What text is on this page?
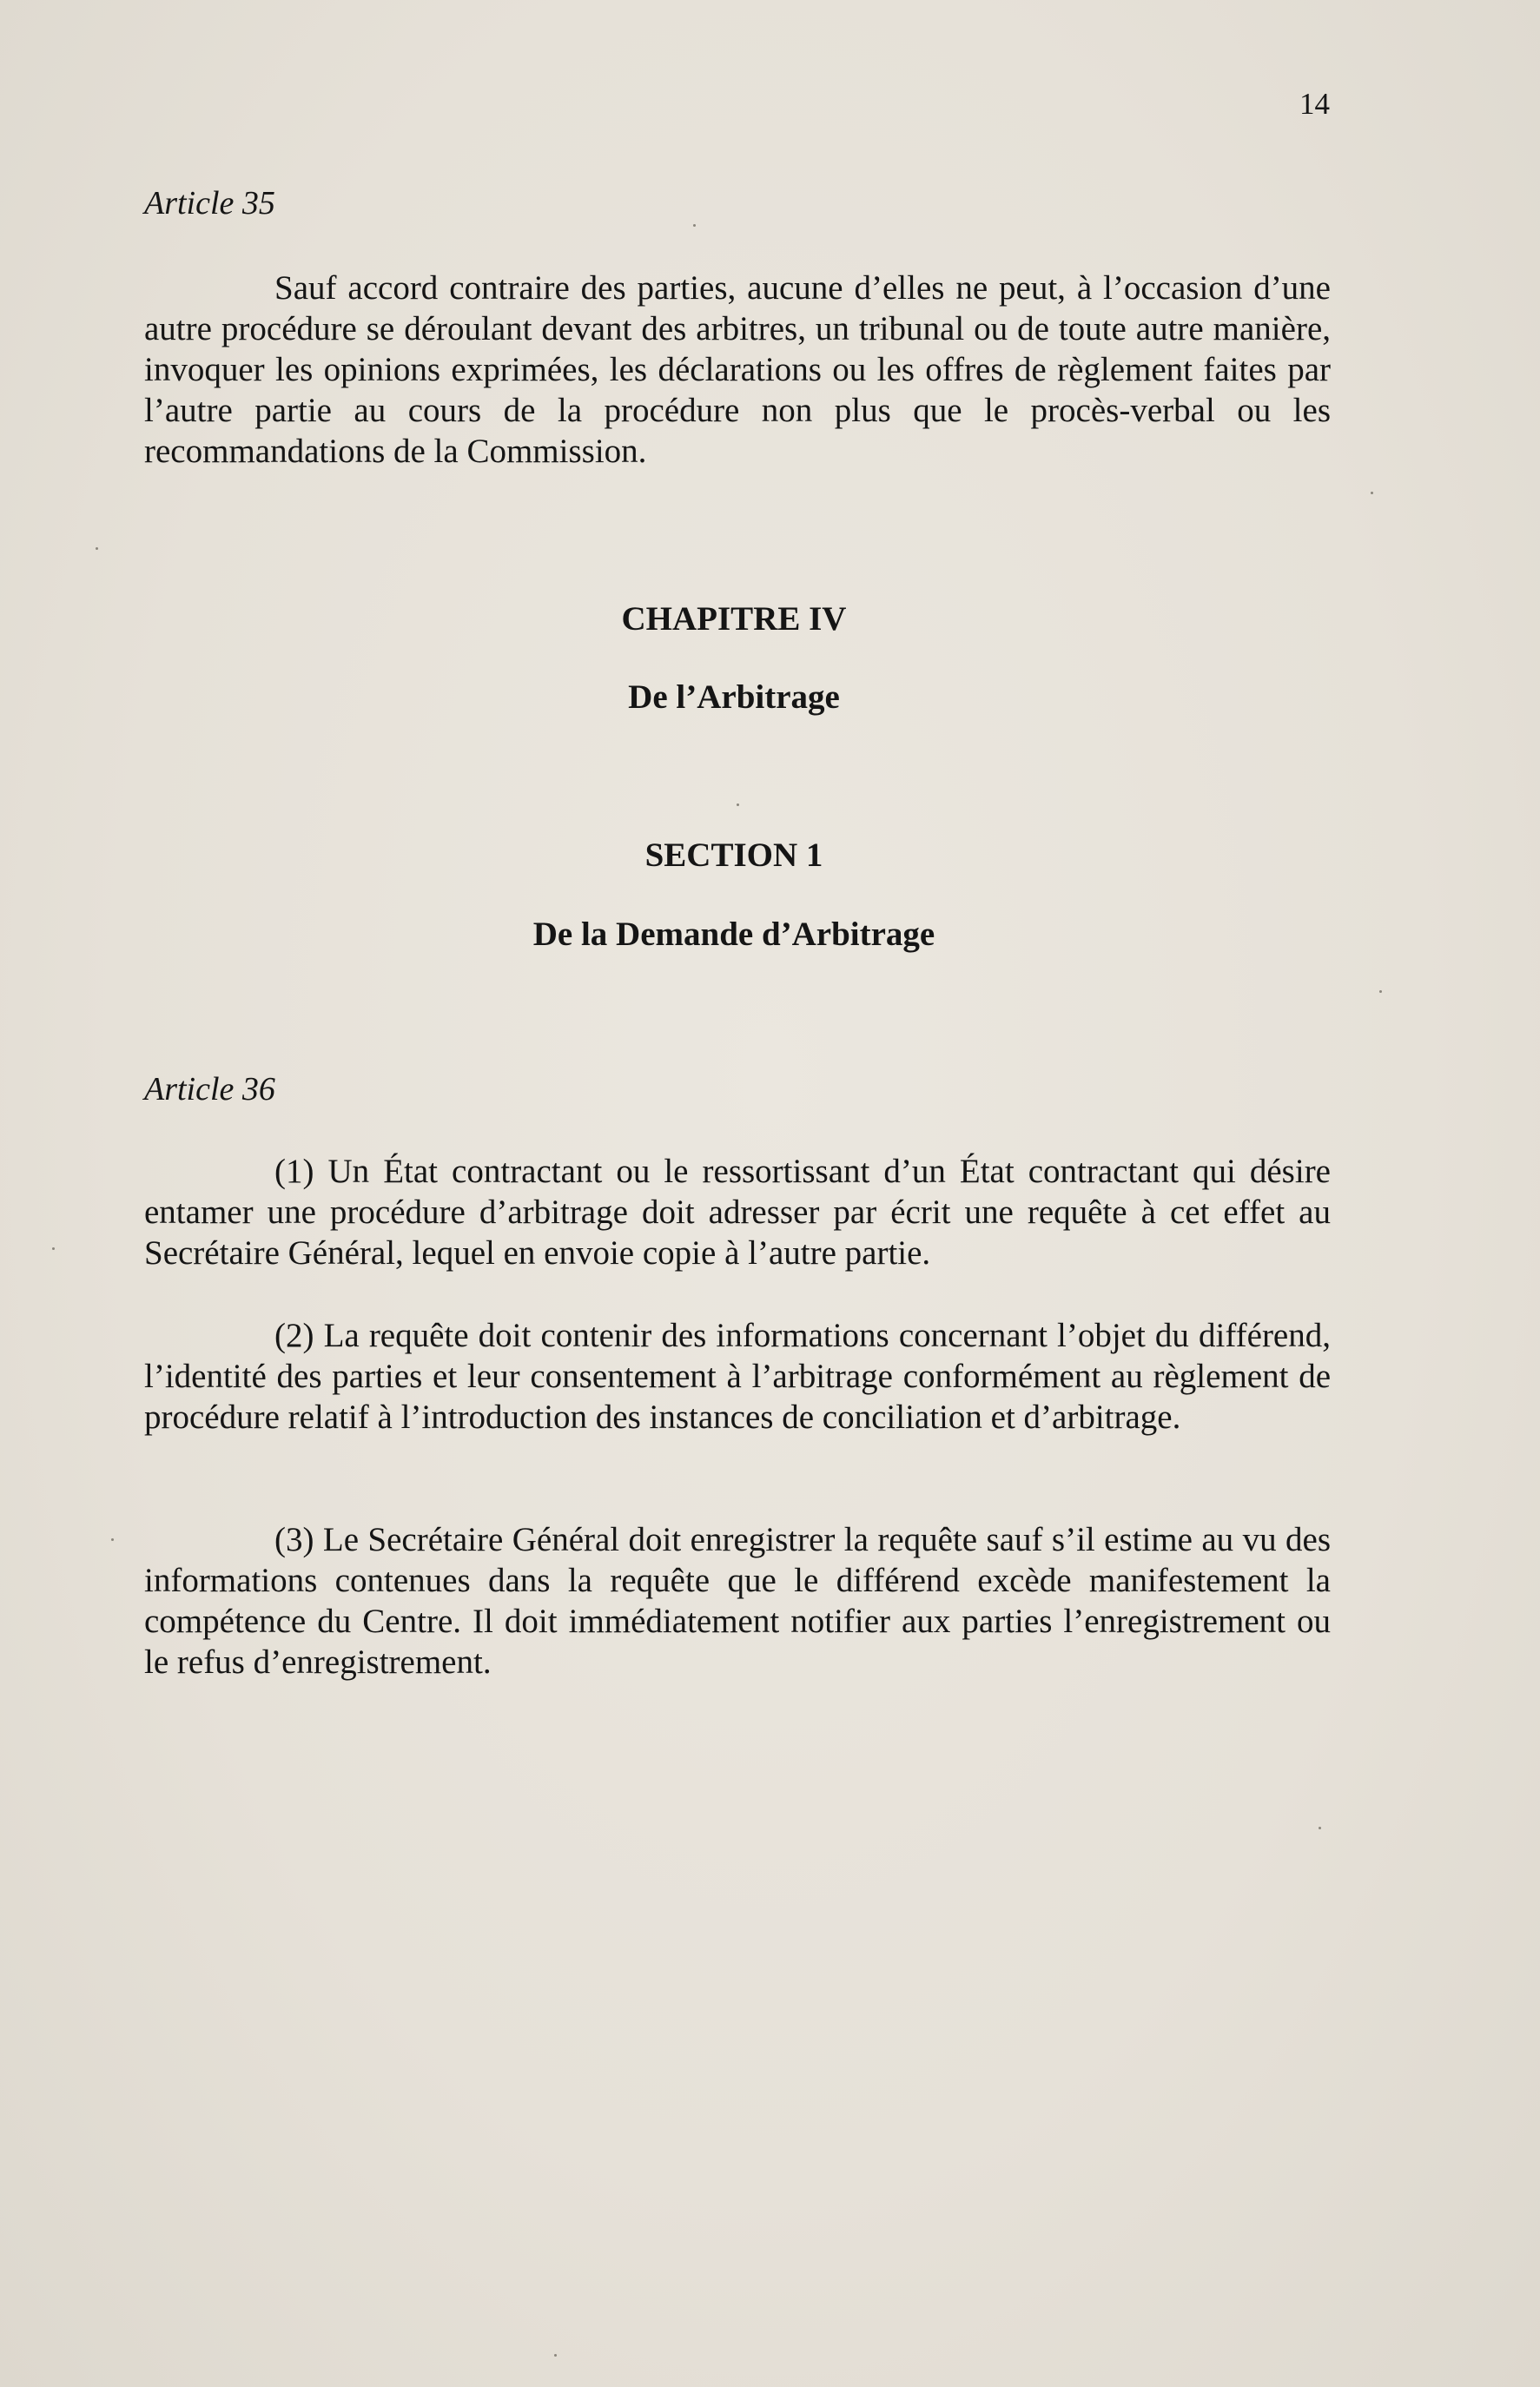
14
Article 35

Sauf accord contraire des parties, aucune d’elles ne peut, à l’occasion d’une autre procédure se déroulant devant des arbitres, un tribunal ou de toute autre manière, invoquer les opinions exprimées, les déclarations ou les offres de règlement faites par l’autre partie au cours de la procédure non plus que le procès-verbal ou les recommandations de la Commission.

CHAPITRE IV
De l’Arbitrage
SECTION 1
De la Demande d’Arbitrage
Article 36

(1) Un État contractant ou le ressortissant d’un État contractant qui désire entamer une procédure d’arbitrage doit adresser par écrit une requête à cet effet au Secrétaire Général, lequel en envoie copie à l’autre partie.

(2) La requête doit contenir des informations concernant l’objet du différend, l’identité des parties et leur consentement à l’arbitrage conformément au règlement de procédure relatif à l’introduction des instances de conciliation et d’arbitrage.

(3) Le Secrétaire Général doit enregistrer la requête sauf s’il estime au vu des informations contenues dans la requête que le différend excède manifestement la compétence du Centre. Il doit immédiatement notifier aux parties l’enregistrement ou le refus d’enregistrement.
